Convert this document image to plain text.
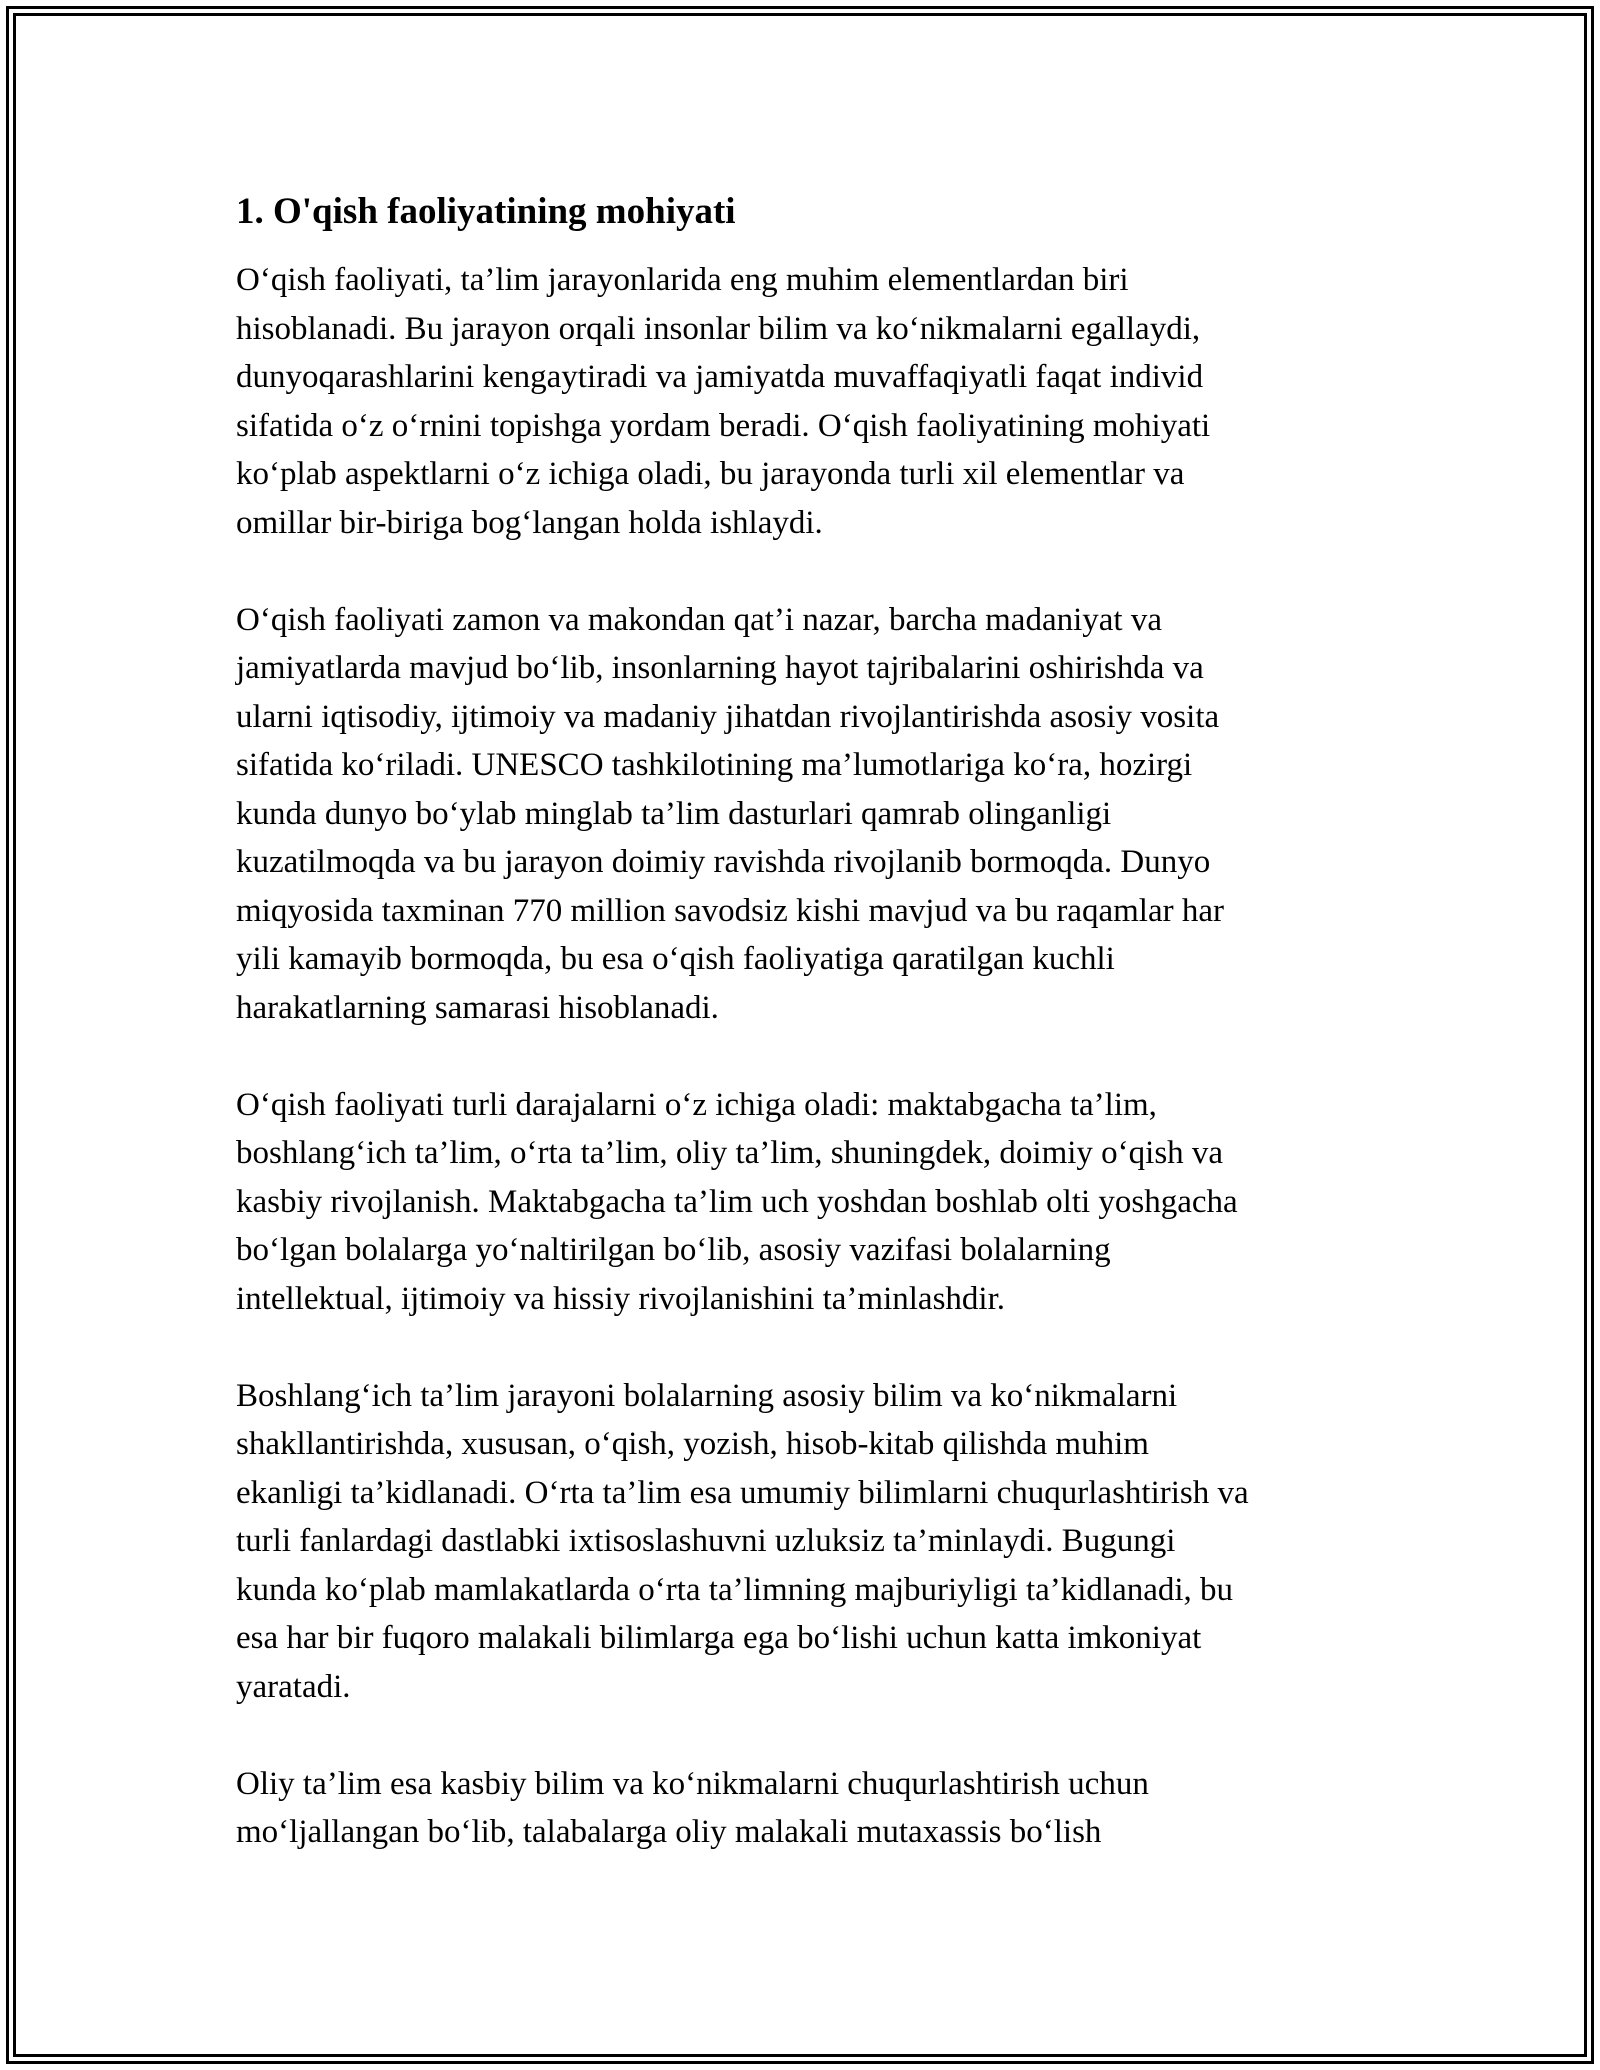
1. O'qish faoliyatining mohiyati

O‘qish faoliyati, ta’lim jarayonlarida eng muhim elementlardan biri
hisoblanadi. Bu jarayon orqali insonlar bilim va ko‘nikmalarni egallaydi,
dunyoqarashlarini kengaytiradi va jamiyatda muvaffaqiyatli faqat individ
sifatida o‘z o‘rnini topishga yordam beradi. O‘qish faoliyatining mohiyati
ko‘plab aspektlarni o‘z ichiga oladi, bu jarayonda turli xil elementlar va
omillar bir-biriga bog‘langan holda ishlaydi.

O‘qish faoliyati zamon va makondan qat’i nazar, barcha madaniyat va
jamiyatlarda mavjud bo‘lib, insonlarning hayot tajribalarini oshirishda va
ularni iqtisodiy, ijtimoiy va madaniy jihatdan rivojlantirishda asosiy vosita
sifatida ko‘riladi. UNESCO tashkilotining ma’lumotlariga ko‘ra, hozirgi
kunda dunyo bo‘ylab minglab ta’lim dasturlari qamrab olinganligi
kuzatilmoqda va bu jarayon doimiy ravishda rivojlanib bormoqda. Dunyo
miqyosida taxminan 770 million savodsiz kishi mavjud va bu raqamlar har
yili kamayib bormoqda, bu esa o‘qish faoliyatiga qaratilgan kuchli
harakatlarning samarasi hisoblanadi.

O‘qish faoliyati turli darajalarni o‘z ichiga oladi: maktabgacha ta’lim,
boshlang‘ich ta’lim, o‘rta ta’lim, oliy ta’lim, shuningdek, doimiy o‘qish va
kasbiy rivojlanish. Maktabgacha ta’lim uch yoshdan boshlab olti yoshgacha
bo‘lgan bolalarga yo‘naltirilgan bo‘lib, asosiy vazifasi bolalarning
intellektual, ijtimoiy va hissiy rivojlanishini ta’minlashdir.

Boshlang‘ich ta’lim jarayoni bolalarning asosiy bilim va ko‘nikmalarni
shakllantirishda, xususan, o‘qish, yozish, hisob-kitab qilishda muhim
ekanligi ta’kidlanadi. O‘rta ta’lim esa umumiy bilimlarni chuqurlashtirish va
turli fanlardagi dastlabki ixtisoslashuvni uzluksiz ta’minlaydi. Bugungi
kunda ko‘plab mamlakatlarda o‘rta ta’limning majburiyligi ta’kidlanadi, bu
esa har bir fuqoro malakali bilimlarga ega bo‘lishi uchun katta imkoniyat
yaratadi.

Oliy ta’lim esa kasbiy bilim va ko‘nikmalarni chuqurlashtirish uchun
mo‘ljallangan bo‘lib, talabalarga oliy malakali mutaxassis bo‘lish
